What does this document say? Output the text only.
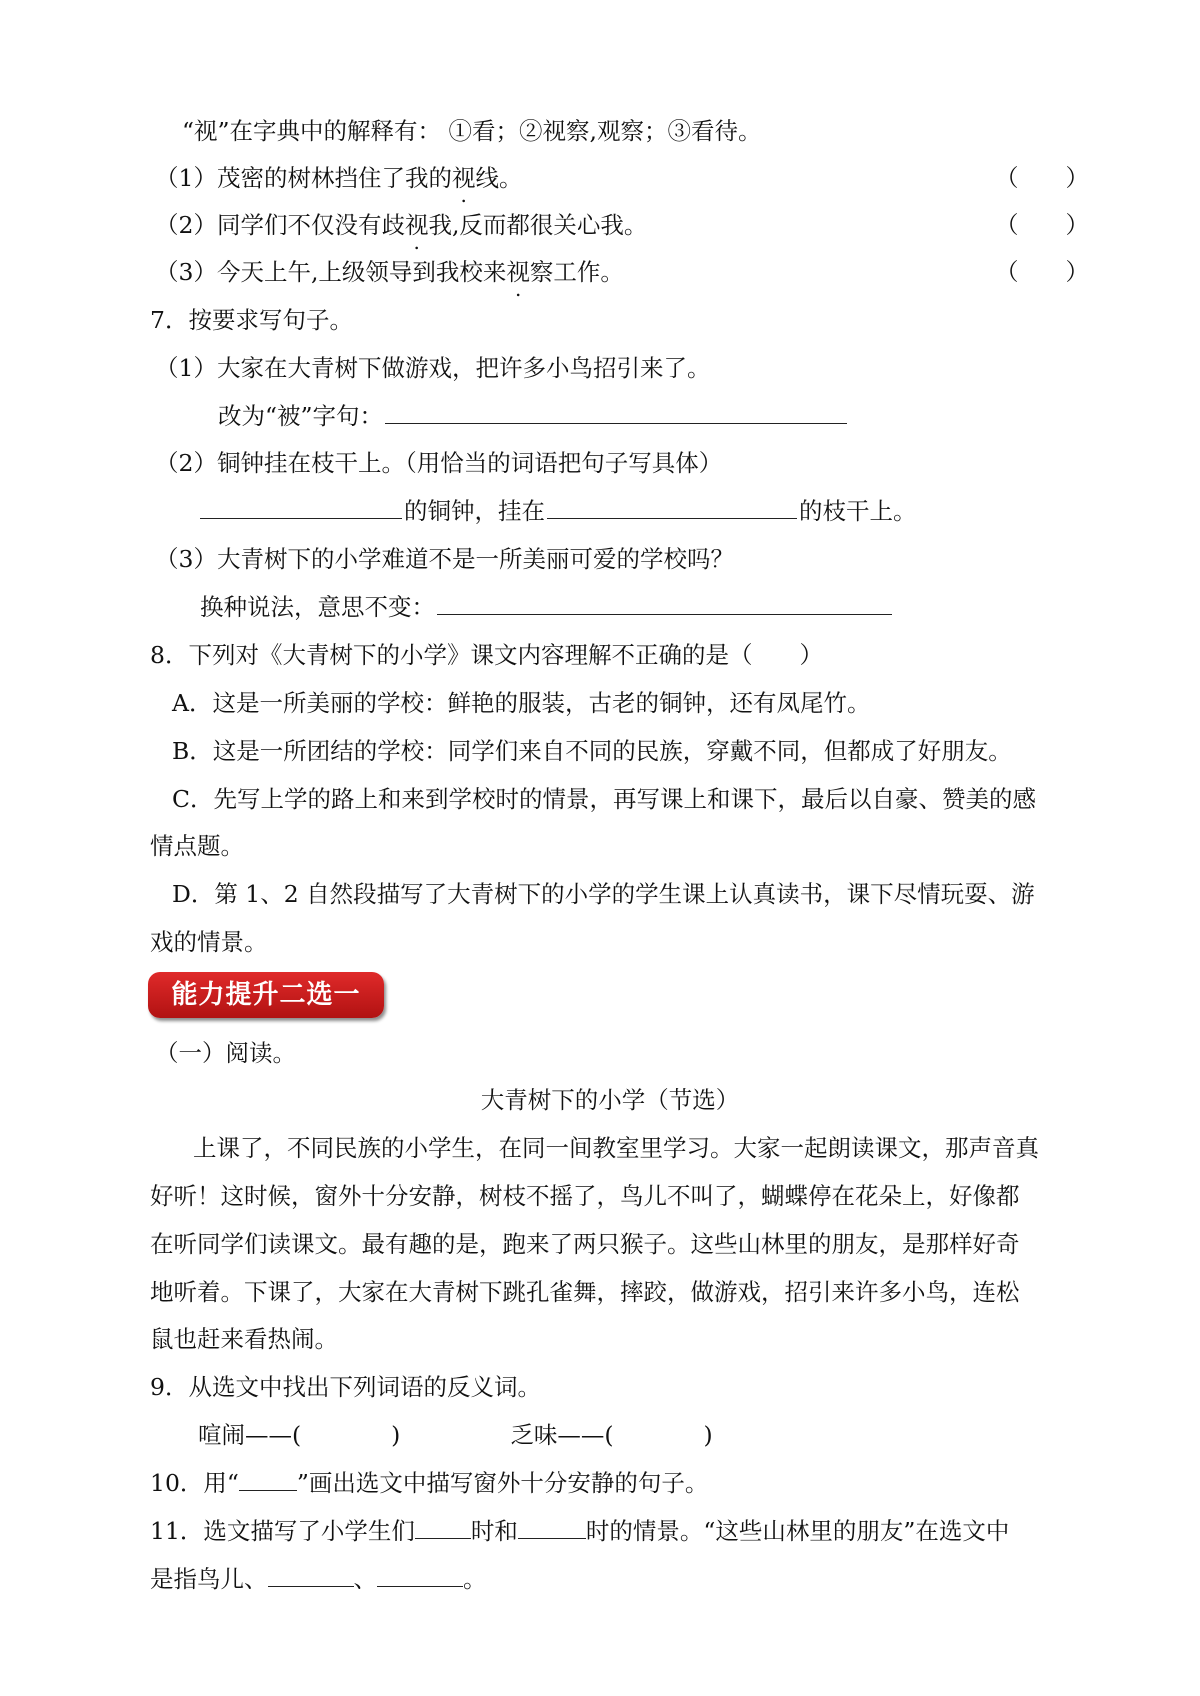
“视”在字典中的解释有： ①看；②视察,观察；③看待。
（1）茂密的树林挡住了我的视线。	（　　）
（2）同学们不仅没有歧视我,反而都很关心我。	（　　）
（3）今天上午,上级领导到我校来视察工作。	（　　）
7．按要求写句子。
（1）大家在大青树下做游戏，把许多小鸟招引来了。
改为“被”字句：
（2）铜钟挂在枝干上。（用恰当的词语把句子写具体）
的铜钟，挂在	的枝干上。
（3）大青树下的小学难道不是一所美丽可爱的学校吗？
换种说法，意思不变：
8．下列对《大青树下的小学》课文内容理解不正确的是（　　）
A．这是一所美丽的学校：鲜艳的服装，古老的铜钟，还有凤尾竹。
B．这是一所团结的学校：同学们来自不同的民族，穿戴不同，但都成了好朋友。
C．先写上学的路上和来到学校时的情景，再写课上和课下，最后以自豪、赞美的感
情点题。
D．第 1、2 自然段描写了大青树下的小学的学生课上认真读书，课下尽情玩耍、游
戏的情景。
能力提升二选一
（一）阅读。
大青树下的小学（节选）
上课了，不同民族的小学生，在同一间教室里学习。大家一起朗读课文，那声音真
好听！这时候，窗外十分安静，树枝不摇了，鸟儿不叫了，蝴蝶停在花朵上，好像都
在听同学们读课文。最有趣的是，跑来了两只猴子。这些山林里的朋友，是那样好奇
地听着。下课了，大家在大青树下跳孔雀舞，摔跤，做游戏，招引来许多小鸟，连松
鼠也赶来看热闹。
9．从选文中找出下列词语的反义词。
喧闹——(	)	乏味——(	)
10．用“ ”画出选文中描写窗外十分安静的句子。
11．选文描写了小学生们 时和	时的情景。“这些山林里的朋友”在选文中
是指鸟儿、	、	。
